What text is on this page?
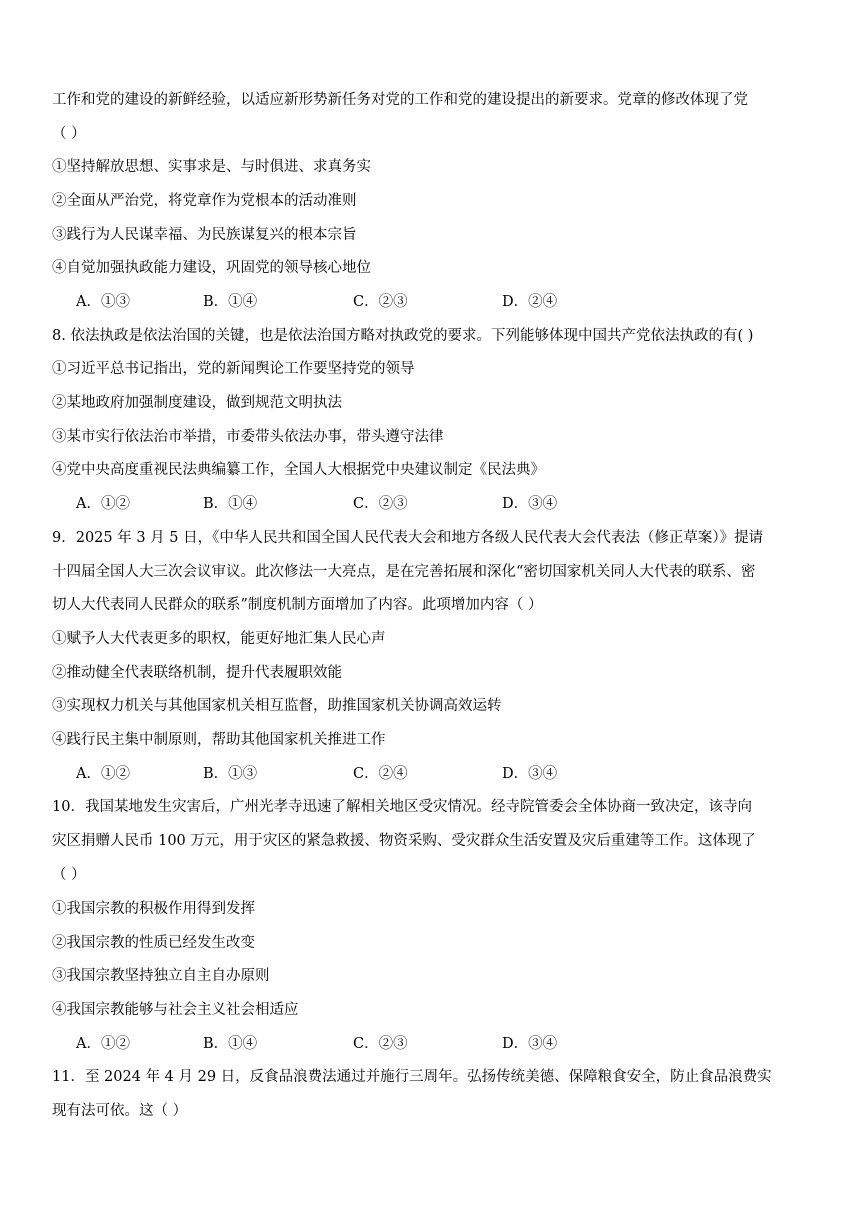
工作和党的建设的新鲜经验，以适应新形势新任务对党的工作和党的建设提出的新要求。党章的修改体现了党
（ ）
①坚持解放思想、实事求是、与时俱进、求真务实
②全面从严治党，将党章作为党根本的活动准则
③践行为人民谋幸福、为民族谋复兴的根本宗旨
④自觉加强执政能力建设，巩固党的领导核心地位
A．①③	B．①④	C．②③	D．②④
8. 依法执政是依法治国的关键，也是依法治国方略对执政党的要求。下列能够体现中国共产党依法执政的有( )
①习近平总书记指出，党的新闻舆论工作要坚持党的领导
②某地政府加强制度建设，做到规范文明执法
③某市实行依法治市举措，市委带头依法办事，带头遵守法律
④党中央高度重视民法典编纂工作，全国人大根据党中央建议制定《民法典》
A．①②	B．①④	C．②③	D．③④
9．2025 年 3 月 5 日，《中华人民共和国全国人民代表大会和地方各级人民代表大会代表法（修正草案）》提请
十四届全国人大三次会议审议。此次修法一大亮点，是在完善拓展和深化“密切国家机关同人大代表的联系、密
切人大代表同人民群众的联系”制度机制方面增加了内容。此项增加内容（ ）
①赋予人大代表更多的职权，能更好地汇集人民心声
②推动健全代表联络机制，提升代表履职效能
③实现权力机关与其他国家机关相互监督，助推国家机关协调高效运转
④践行民主集中制原则，帮助其他国家机关推进工作
A．①②	B．①③	C．②④	D．③④
10．我国某地发生灾害后，广州光孝寺迅速了解相关地区受灾情况。经寺院管委会全体协商一致决定，该寺向
灾区捐赠人民币 100 万元，用于灾区的紧急救援、物资采购、受灾群众生活安置及灾后重建等工作。这体现了
（ ）
①我国宗教的积极作用得到发挥
②我国宗教的性质已经发生改变
③我国宗教坚持独立自主自办原则
④我国宗教能够与社会主义社会相适应
A．①②	B．①④	C．②③	D．③④
11．至 2024 年 4 月 29 日，反食品浪费法通过并施行三周年。弘扬传统美德、保障粮食安全，防止食品浪费实
现有法可依。这（ ）
